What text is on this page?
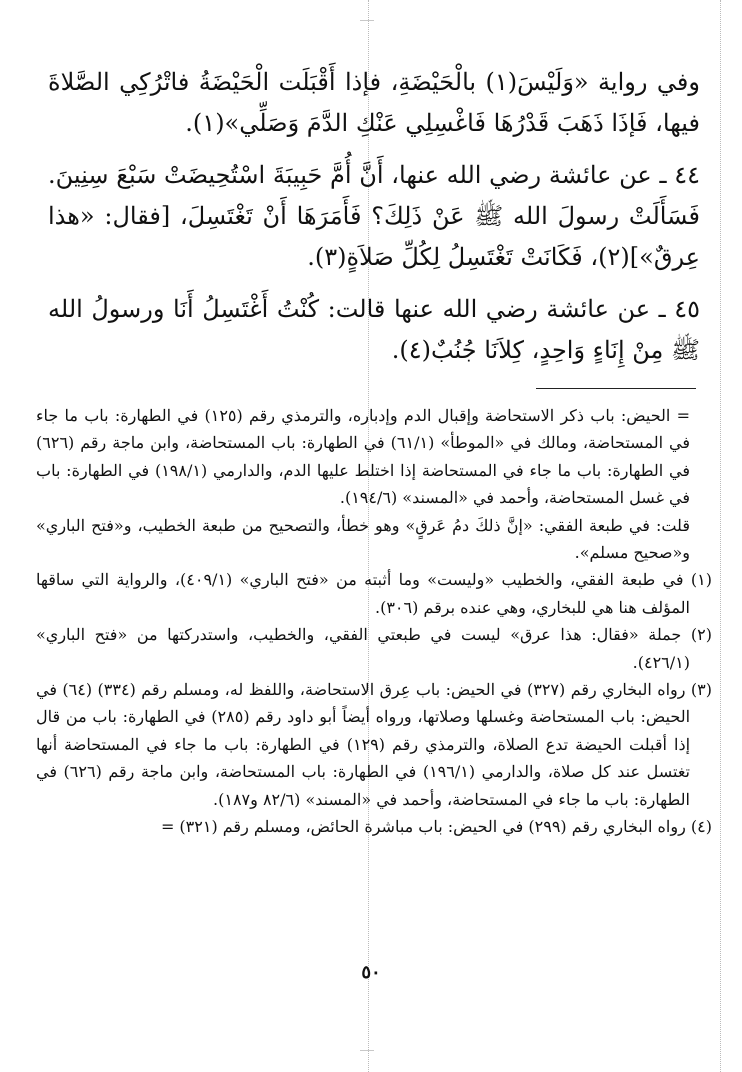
وفي رواية «وَلَيْسَ(١) بالْحَيْضَةِ، فإذا أَقْبَلَت الْحَيْضَةُ فاتْرُكِي الصَّلاةَ فيها، فَإذَا ذَهَبَ قَدْرُهَا فَاغْسِلِي عَنْكِ الدَّمَ وَصَلِّي»(١).

٤٤ ـ عن عائشة رضي الله عنها، أَنَّ أُمَّ حَبِيبَةَ اسْتُحِيضَتْ سَبْعَ سِنِينَ. فَسَأَلَتْ رسولَ الله ﷺ عَنْ ذَلِكَ؟ فَأَمَرَهَا أَنْ تَغْتَسِلَ، [فقال: «هذا عِرقٌ»](٢)، فَكَانَتْ تَغْتَسِلُ لِكُلِّ صَلاَةٍ(٣).

٤٥ ـ عن عائشة رضي الله عنها قالت: كُنْتُ أَغْتَسِلُ أَنَا ورسولُ الله ﷺ مِنْ إِنَاءٍ وَاحِدٍ، كِلاَنَا جُنُبٌ(٤).

= الحيض: باب ذكر الاستحاضة وإقبال الدم وإدباره، والترمذي رقم (١٢٥) في الطهارة: باب ما جاء في المستحاضة، ومالك في «الموطأ» (٦١/١) في الطهارة: باب المستحاضة، وابن ماجة رقم (٦٢٦) في الطهارة: باب ما جاء في المستحاضة إذا اختلط عليها الدم، والدارمي (١٩٨/١) في الطهارة: باب في غسل المستحاضة، وأحمد في «المسند» (١٩٤/٦).

قلت: في طبعة الفقي: «إنَّ ذلكَ دمُ عَرقٍ» وهو خطأ، والتصحيح من طبعة الخطيب، و«فتح الباري» و«صحيح مسلم».

(١) في طبعة الفقي، والخطيب «وليست» وما أثبته من «فتح الباري» (٤٠٩/١)، والرواية التي ساقها المؤلف هنا هي للبخاري، وهي عنده برقم (٣٠٦).

(٢) جملة «فقال: هذا عرق» ليست في طبعتي الفقي، والخطيب، واستدركتها من «فتح الباري» (٤٢٦/١).

(٣) رواه البخاري رقم (٣٢٧) في الحيض: باب عِرق الاستحاضة، واللفظ له، ومسلم رقم (٣٣٤) (٦٤) في الحيض: باب المستحاضة وغسلها وصلاتها، ورواه أيضاً أبو داود رقم (٢٨٥) في الطهارة: باب من قال إذا أقبلت الحيضة تدع الصلاة، والترمذي رقم (١٢٩) في الطهارة: باب ما جاء في المستحاضة أنها تغتسل عند كل صلاة، والدارمي (١٩٦/١) في الطهارة: باب المستحاضة، وابن ماجة رقم (٦٢٦) في الطهارة: باب ما جاء في المستحاضة، وأحمد في «المسند» (٨٢/٦ و١٨٧).

(٤) رواه البخاري رقم (٢٩٩) في الحيض: باب مباشرة الحائض، ومسلم رقم (٣٢١) =

٥٠
